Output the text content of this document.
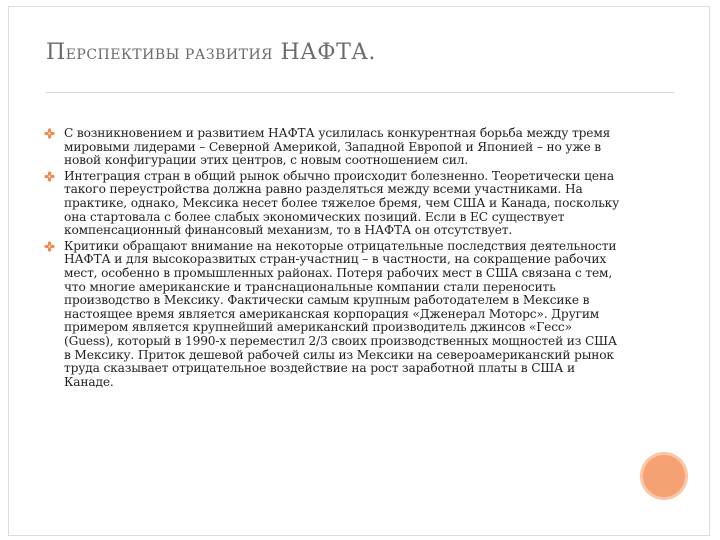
ПЕРСПЕКТИВЫ РАЗВИТИЯ НАФТА.
С возникновением и развитием НАФТА усилилась конкурентная борьба между тремя мировыми лидерами – Северной Америкой, Западной Европой и Японией – но уже в новой конфигурации этих центров, с новым соотношением сил.
Интеграция стран в общий рынок обычно происходит болезненно. Теоретически цена такого переустройства должна равно разделяться между всеми участниками. На практике, однако, Мексика несет более тяжелое бремя, чем США и Канада, поскольку она стартовала с более слабых экономических позиций. Если в ЕС существует компенсационный финансовый механизм, то в НАФТА он отсутствует.
Критики обращают внимание на некоторые отрицательные последствия деятельности НАФТА и для высокоразвитых стран-участниц – в частности, на сокращение рабочих мест, особенно в промышленных районах. Потеря рабочих мест в США связана с тем, что многие американские и транснациональные компании стали переносить производство в Мексику. Фактически самым крупным работодателем в Мексике в настоящее время является американская корпорация «Дженерал Моторс». Другим примером является крупнейший американский производитель джинсов «Гесс» (Guess), который в 1990-х переместил 2/3 своих производственных мощностей из США в Мексику. Приток дешевой рабочей силы из Мексики на североамериканский рынок труда сказывает отрицательное воздействие на рост заработной платы в США и Канаде.
